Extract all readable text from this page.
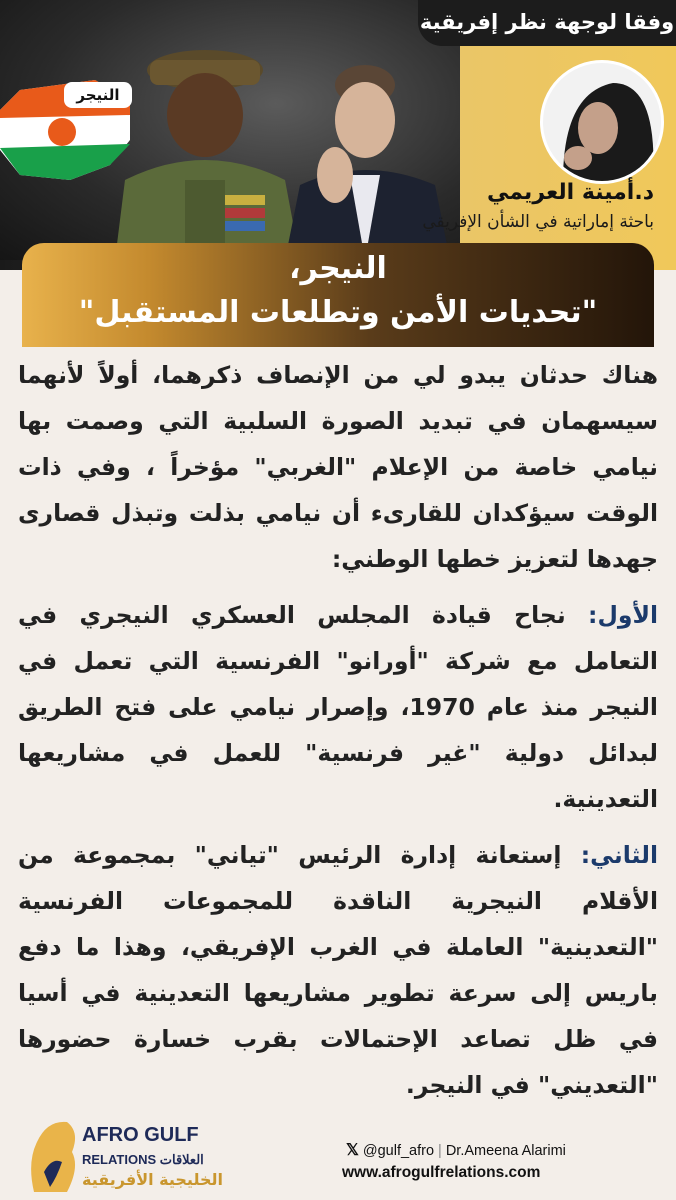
النيجر
وفقا لوجهة نظر إفريقية
د.أمينة العريمي
باحثة إماراتية في الشأن الإفريقي
النيجر،
"تحديات الأمن وتطلعات المستقبل"

هناك حدثان يبدو لي من الإنصاف ذكرهما، أولاً لأنهما سيسهمان في تبديد الصورة السلبية التي وصمت بها نيامي خاصة من الإعلام "الغربي" مؤخراً ، وفي ذات الوقت سيؤكدان للقارىء أن نيامي بذلت وتبذل قصارى جهدها لتعزيز خطها الوطني:

الأول: نجاح قيادة المجلس العسكري النيجري في التعامل مع شركة "أورانو" الفرنسية التي تعمل في النيجر منذ عام 1970، وإصرار نيامي على فتح الطريق لبدائل دولية "غير فرنسية" للعمل في مشاريعها التعدينية.

الثاني: إستعانة إدارة الرئيس "تياني" بمجموعة من الأقلام النيجرية الناقدة للمجموعات الفرنسية "التعدينية" العاملة في الغرب الإفريقي، وهذا ما دفع باريس إلى سرعة تطوير مشاريعها التعدينية في أسيا في ظل تصاعد الإحتمالات بقرب خسارة حضورها "التعديني" في النيجر.

AFRO GULF
RELATIONS العلاقات
الخليجية الأفريقية
𝕏 @gulf_afro | Dr.Ameena Alarimi
www.afrogulfrelations.com
